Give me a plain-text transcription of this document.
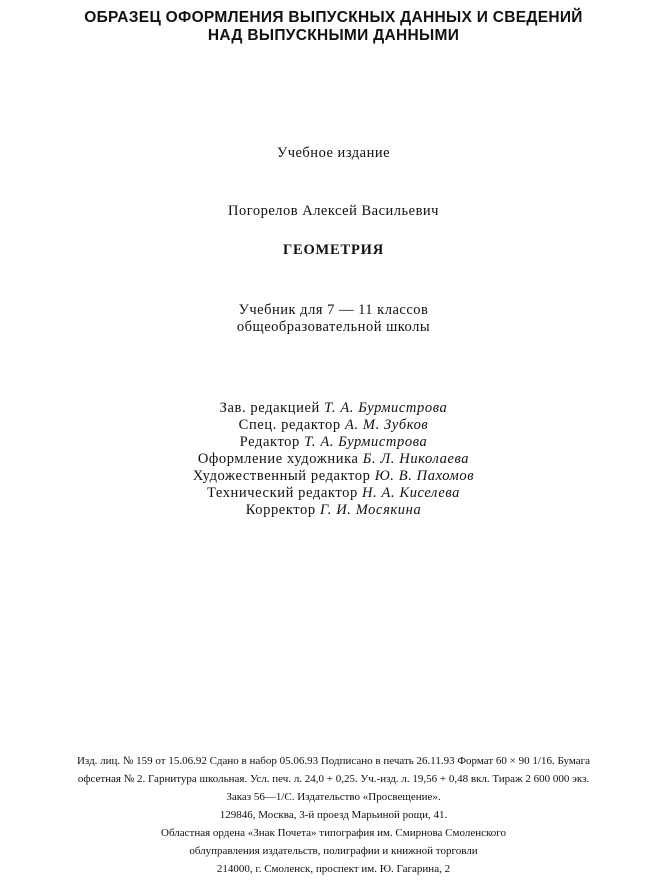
ОБРАЗЕЦ ОФОРМЛЕНИЯ ВЫПУСКНЫХ ДАННЫХ И СВЕДЕНИЙ
НАД ВЫПУСКНЫМИ ДАННЫМИ
Учебное издание
Погорелов Алексей Васильевич
ГЕОМЕТРИЯ
Учебник для 7 — 11 классов
общеобразовательной школы
Зав. редакцией Т. А. Бурмистрова
Спец. редактор А. М. Зубков
Редактор Т. А. Бурмистрова
Оформление художника Б. Л. Николаева
Художественный редактор Ю. В. Пахомов
Технический редактор Н. А. Киселева
Корректор Г. И. Мосякина
Изд. лиц. № 159 от 15.06.92 Сдано в набор 05.06.93 Подписано в печать 26.11.93 Формат 60 × 90 1/16. Бумага
офсетная № 2. Гарнитура школьная. Усл. печ. л. 24,0 + 0,25. Уч.-изд. л. 19,56 + 0,48 вкл. Тираж 2 600 000 экз.
Заказ 56—1/С. Издательство «Просвещение».
129846, Москва, 3-й проезд Марьиной рощи, 41.
Областная ордена «Знак Почета» типография им. Смирнова Смоленского
облуправления издательств, полиграфии и книжной торговли
214000, г. Смоленск, проспект им. Ю. Гагарина, 2
